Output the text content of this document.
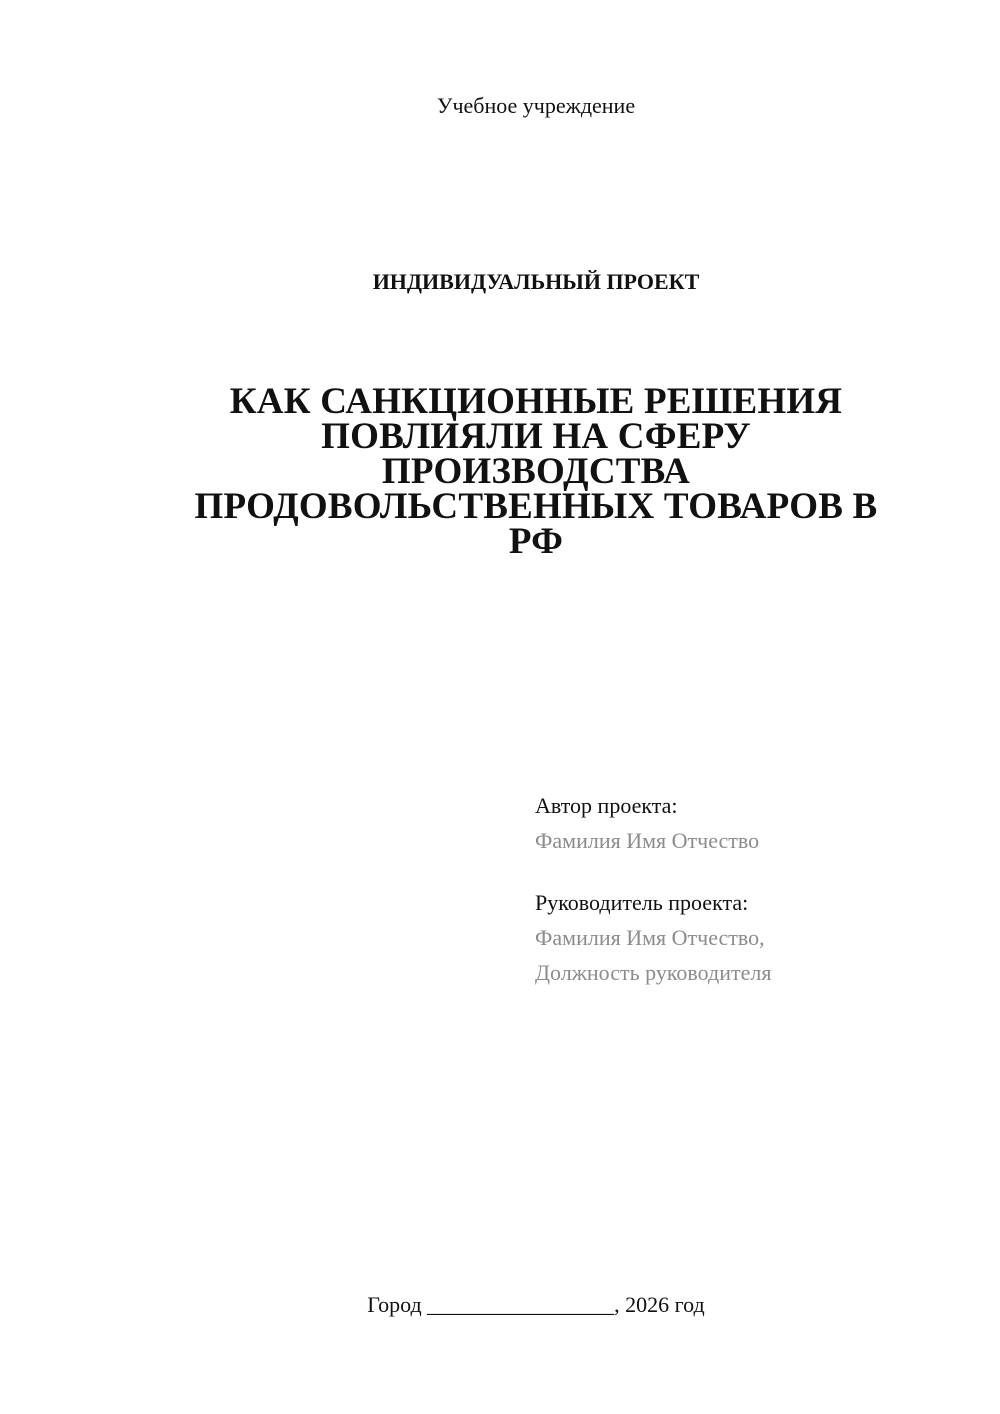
Учебное учреждение
ИНДИВИДУАЛЬНЫЙ ПРОЕКТ
КАК САНКЦИОННЫЕ РЕШЕНИЯ
ПОВЛИЯЛИ НА СФЕРУ
ПРОИЗВОДСТВА
ПРОДОВОЛЬСТВЕННЫХ ТОВАРОВ В
РФ
Автор проекта:
Фамилия Имя Отчество
Руководитель проекта:
Фамилия Имя Отчество,
Должность руководителя
Город _________________, 2026 год
